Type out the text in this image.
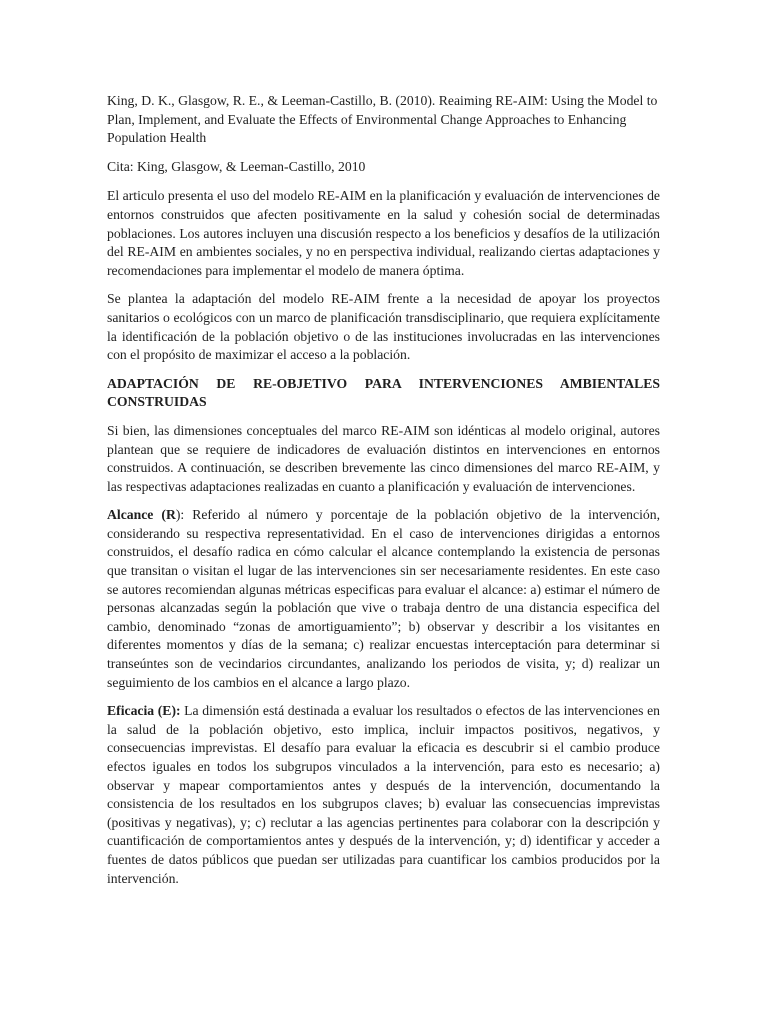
King, D. K., Glasgow, R. E., & Leeman-Castillo, B. (2010). Reaiming RE-AIM: Using the Model to Plan, Implement, and Evaluate the Effects of Environmental Change Approaches to Enhancing Population Health

Cita: King, Glasgow, & Leeman-Castillo, 2010

El articulo presenta el uso del modelo RE-AIM en la planificación y evaluación de intervenciones de entornos construidos que afecten positivamente en la salud y cohesión social de determinadas poblaciones. Los autores incluyen una discusión respecto a los beneficios y desafíos de la utilización del RE-AIM en ambientes sociales, y no en perspectiva individual, realizando ciertas adaptaciones y recomendaciones para implementar el modelo de manera óptima.

Se plantea la adaptación del modelo RE-AIM frente a la necesidad de apoyar los proyectos sanitarios o ecológicos con un marco de planificación transdisciplinario, que requiera explícitamente la identificación de la población objetivo o de las instituciones involucradas en las intervenciones con el propósito de maximizar el acceso a la población.

ADAPTACIÓN DE RE-OBJETIVO PARA INTERVENCIONES AMBIENTALES CONSTRUIDAS

Si bien, las dimensiones conceptuales del marco RE-AIM son idénticas al modelo original, autores plantean que se requiere de indicadores de evaluación distintos en intervenciones en entornos construidos. A continuación, se describen brevemente las cinco dimensiones del marco RE-AIM, y las respectivas adaptaciones realizadas en cuanto a planificación y evaluación de intervenciones.

Alcance (R): Referido al número y porcentaje de la población objetivo de la intervención, considerando su respectiva representatividad. En el caso de intervenciones dirigidas a entornos construidos, el desafío radica en cómo calcular el alcance contemplando la existencia de personas que transitan o visitan el lugar de las intervenciones sin ser necesariamente residentes. En este caso se autores recomiendan algunas métricas especificas para evaluar el alcance: a) estimar el número de personas alcanzadas según la población que vive o trabaja dentro de una distancia especifica del cambio, denominado “zonas de amortiguamiento”; b) observar y describir a los visitantes en diferentes momentos y días de la semana; c) realizar encuestas interceptación para determinar si transeúntes son de vecindarios circundantes, analizando los periodos de visita, y; d) realizar un seguimiento de los cambios en el alcance a largo plazo.

Eficacia (E): La dimensión está destinada a evaluar los resultados o efectos de las intervenciones en la salud de la población objetivo, esto implica, incluir impactos positivos, negativos, y consecuencias imprevistas. El desafío para evaluar la eficacia es descubrir si el cambio produce efectos iguales en todos los subgrupos vinculados a la intervención, para esto es necesario; a) observar y mapear comportamientos antes y después de la intervención, documentando la consistencia de los resultados en los subgrupos claves; b) evaluar las consecuencias imprevistas (positivas y negativas), y; c) reclutar a las agencias pertinentes para colaborar con la descripción y cuantificación de comportamientos antes y después de la intervención, y; d) identificar y acceder a fuentes de datos públicos que puedan ser utilizadas para cuantificar los cambios producidos por la intervención.
